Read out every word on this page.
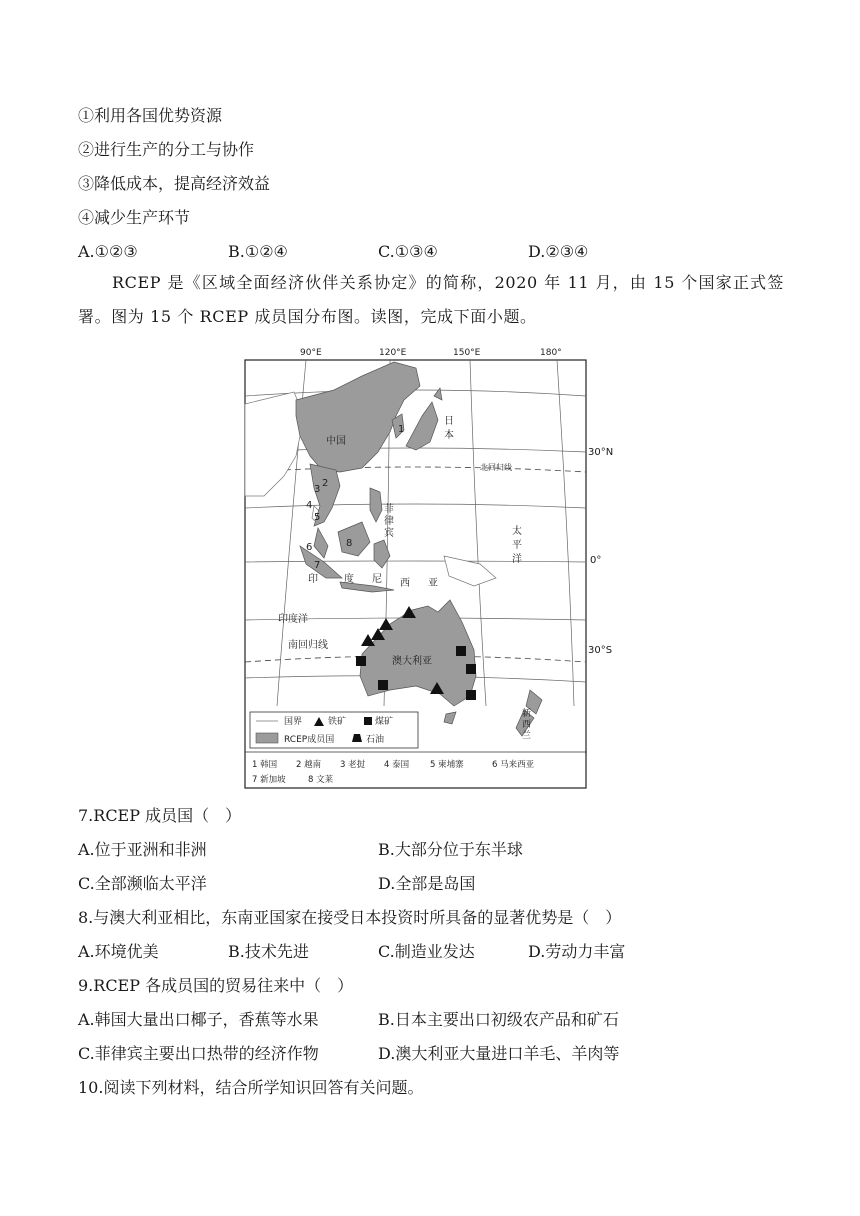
①利用各国优势资源
②进行生产的分工与协作
③降低成本，提高经济效益
④减少生产环节
A.①②③	B.①②④	C.①③④	D.②③④
RCEP 是《区域全面经济伙伴关系协定》的简称，2020 年 11 月，由 15 个国家正式签署。图为 15 个 RCEP 成员国分布图。读图，完成下面小题。
90°E	120°E	150°E	180°
中国
印度洋
澳大利亚
日
本
菲
律
宾
印	度 尼 西 亚
太
平
洋
新
西
兰
北回归线
南回归线
1
2
3
4
5
6
7
8
国界	铁矿	煤矿
RCEP成员国	石油
1 韩国 2 越南 3 老挝 4 泰国 5 柬埔寨	6 马来西亚
7 新加坡	8 文莱
30°N
0°
30°S
7.RCEP 成员国（　）
A.位于亚洲和非洲	B.大部分位于东半球
C.全部濒临太平洋	D.全部是岛国
8.与澳大利亚相比，东南亚国家在接受日本投资时所具备的显著优势是（　）
A.环境优美	B.技术先进	C.制造业发达	D.劳动力丰富
9.RCEP 各成员国的贸易往来中（　）
A.韩国大量出口椰子，香蕉等水果	B.日本主要出口初级农产品和矿石
C.菲律宾主要出口热带的经济作物	D.澳大利亚大量进口羊毛、羊肉等
10.阅读下列材料，结合所学知识回答有关问题。
